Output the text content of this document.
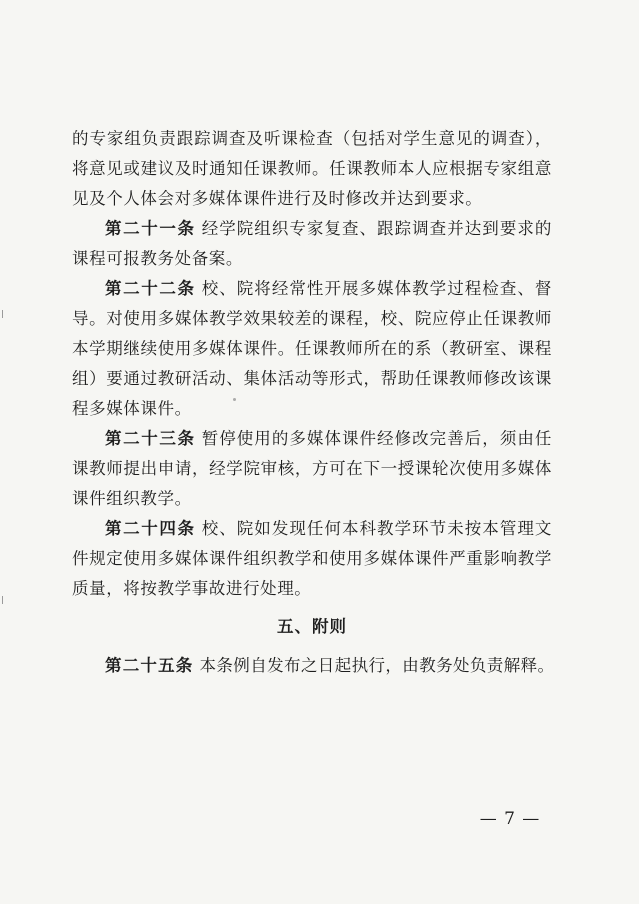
的专家组负责跟踪调查及听课检查（包括对学生意见的调查），将意见或建议及时通知任课教师。任课教师本人应根据专家组意见及个人体会对多媒体课件进行及时修改并达到要求。

第二十一条 经学院组织专家复查、跟踪调查并达到要求的课程可报教务处备案。

第二十二条 校、院将经常性开展多媒体教学过程检查、督导。对使用多媒体教学效果较差的课程，校、院应停止任课教师本学期继续使用多媒体课件。任课教师所在的系（教研室、课程组）要通过教研活动、集体活动等形式，帮助任课教师修改该课程多媒体课件。

第二十三条 暂停使用的多媒体课件经修改完善后，须由任课教师提出申请，经学院审核，方可在下一授课轮次使用多媒体课件组织教学。

第二十四条 校、院如发现任何本科教学环节未按本管理文件规定使用多媒体课件组织教学和使用多媒体课件严重影响教学质量，将按教学事故进行处理。

五、附则
第二十五条 本条例自发布之日起执行，由教务处负责解释。
— 7 —
